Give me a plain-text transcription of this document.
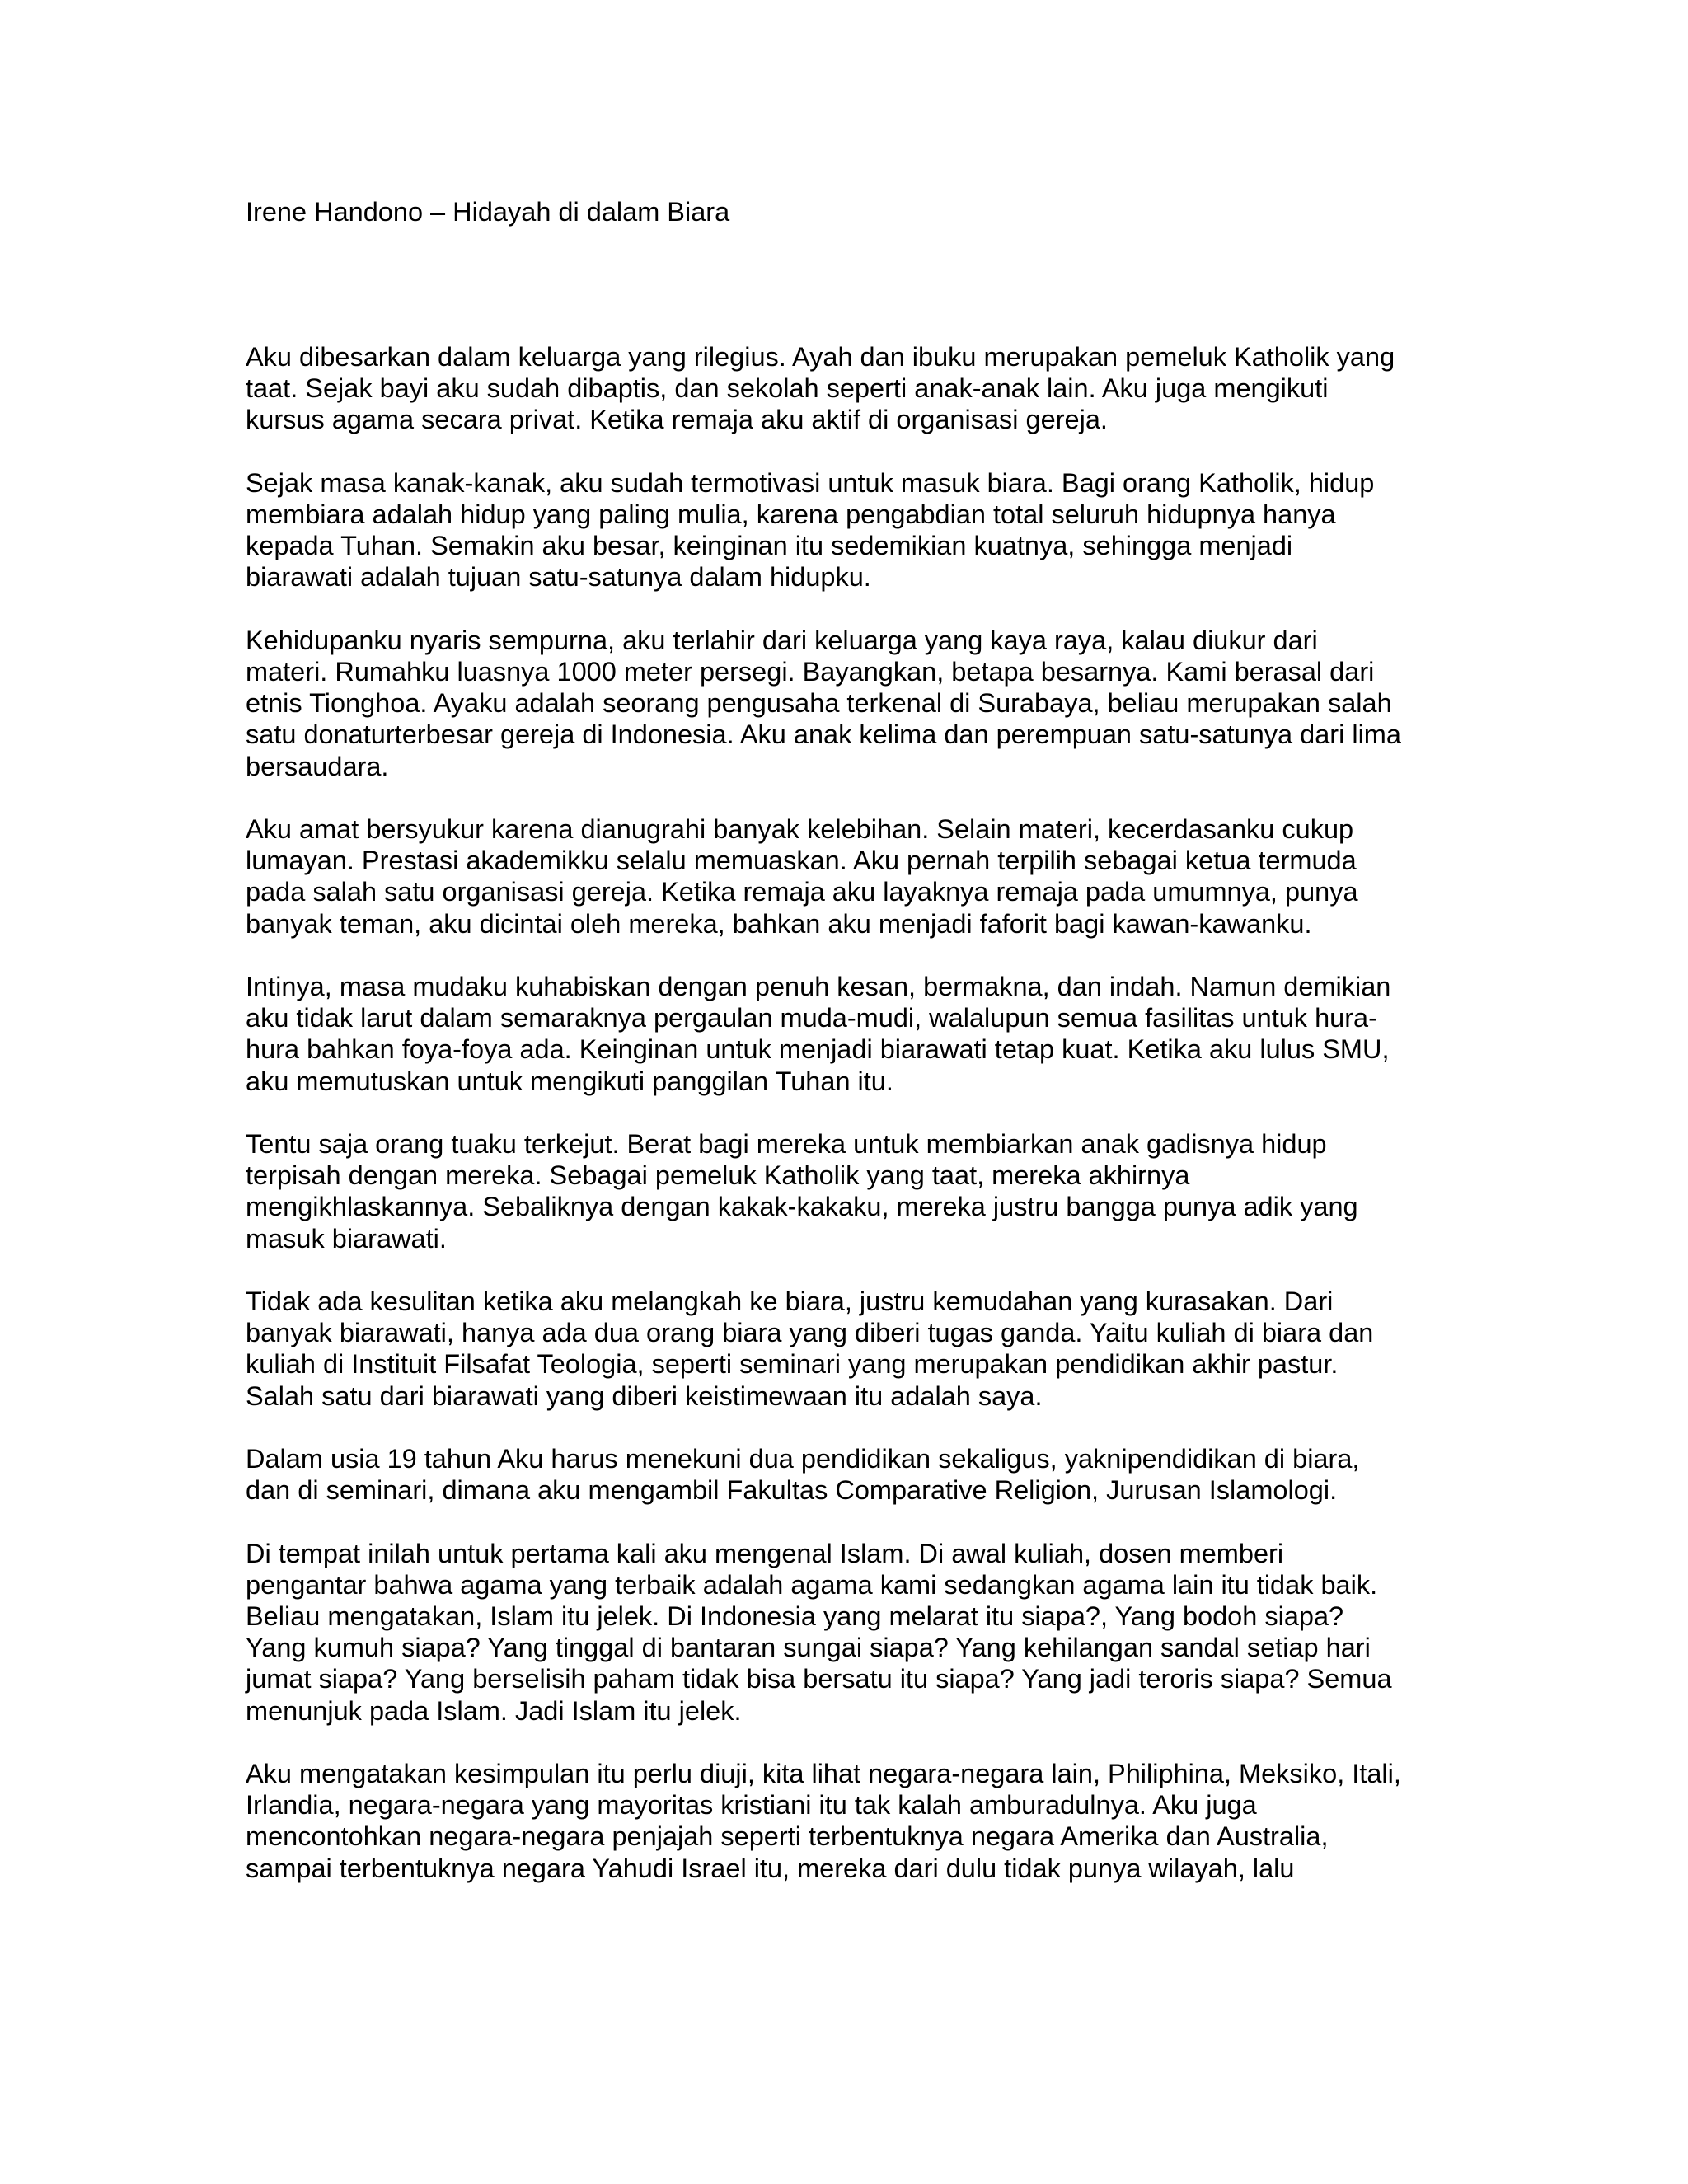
Irene Handono – Hidayah di dalam Biara

Aku dibesarkan dalam keluarga yang rilegius. Ayah dan ibuku merupakan pemeluk Katholik yang
taat. Sejak bayi aku sudah dibaptis, dan sekolah seperti anak-anak lain. Aku juga mengikuti
kursus agama secara privat. Ketika remaja aku aktif di organisasi gereja.

Sejak masa kanak-kanak, aku sudah termotivasi untuk masuk biara. Bagi orang Katholik, hidup
membiara adalah hidup yang paling mulia, karena pengabdian total seluruh hidupnya hanya
kepada Tuhan. Semakin aku besar, keinginan itu sedemikian kuatnya, sehingga menjadi
biarawati adalah tujuan satu-satunya dalam hidupku.

Kehidupanku nyaris sempurna, aku terlahir dari keluarga yang kaya raya, kalau diukur dari
materi. Rumahku luasnya 1000 meter persegi. Bayangkan, betapa besarnya. Kami berasal dari
etnis Tionghoa. Ayaku adalah seorang pengusaha terkenal di Surabaya, beliau merupakan salah
satu donaturterbesar gereja di Indonesia. Aku anak kelima dan perempuan satu-satunya dari lima
bersaudara.

Aku amat bersyukur karena dianugrahi banyak kelebihan. Selain materi, kecerdasanku cukup
lumayan. Prestasi akademikku selalu memuaskan. Aku pernah terpilih sebagai ketua termuda
pada salah satu organisasi gereja. Ketika remaja aku layaknya remaja pada umumnya, punya
banyak teman, aku dicintai oleh mereka, bahkan aku menjadi faforit bagi kawan-kawanku.

Intinya, masa mudaku kuhabiskan dengan penuh kesan, bermakna, dan indah. Namun demikian
aku tidak larut dalam semaraknya pergaulan muda-mudi, walalupun semua fasilitas untuk hura-
hura bahkan foya-foya ada. Keinginan untuk menjadi biarawati tetap kuat. Ketika aku lulus SMU,
aku memutuskan untuk mengikuti panggilan Tuhan itu.

Tentu saja orang tuaku terkejut. Berat bagi mereka untuk membiarkan anak gadisnya hidup
terpisah dengan mereka. Sebagai pemeluk Katholik yang taat, mereka akhirnya
mengikhlaskannya. Sebaliknya dengan kakak-kakaku, mereka justru bangga punya adik yang
masuk biarawati.

Tidak ada kesulitan ketika aku melangkah ke biara, justru kemudahan yang kurasakan. Dari
banyak biarawati, hanya ada dua orang biara yang diberi tugas ganda. Yaitu kuliah di biara dan
kuliah di Instituit Filsafat Teologia, seperti seminari yang merupakan pendidikan akhir pastur.
Salah satu dari biarawati yang diberi keistimewaan itu adalah saya.

Dalam usia 19 tahun Aku harus menekuni dua pendidikan sekaligus, yaknipendidikan di biara,
dan di seminari, dimana aku mengambil Fakultas Comparative Religion, Jurusan Islamologi.

Di tempat inilah untuk pertama kali aku mengenal Islam. Di awal kuliah, dosen memberi
pengantar bahwa agama yang terbaik adalah agama kami sedangkan agama lain itu tidak baik.
Beliau mengatakan, Islam itu jelek. Di Indonesia yang melarat itu siapa?, Yang bodoh siapa?
Yang kumuh siapa? Yang tinggal di bantaran sungai siapa? Yang kehilangan sandal setiap hari
jumat siapa? Yang berselisih paham tidak bisa bersatu itu siapa? Yang jadi teroris siapa? Semua
menunjuk pada Islam. Jadi Islam itu jelek.

Aku mengatakan kesimpulan itu perlu diuji, kita lihat negara-negara lain, Philiphina, Meksiko, Itali,
Irlandia, negara-negara yang mayoritas kristiani itu tak kalah amburadulnya. Aku juga
mencontohkan negara-negara penjajah seperti terbentuknya negara Amerika dan Australia,
sampai terbentuknya negara Yahudi Israel itu, mereka dari dulu tidak punya wilayah, lalu
